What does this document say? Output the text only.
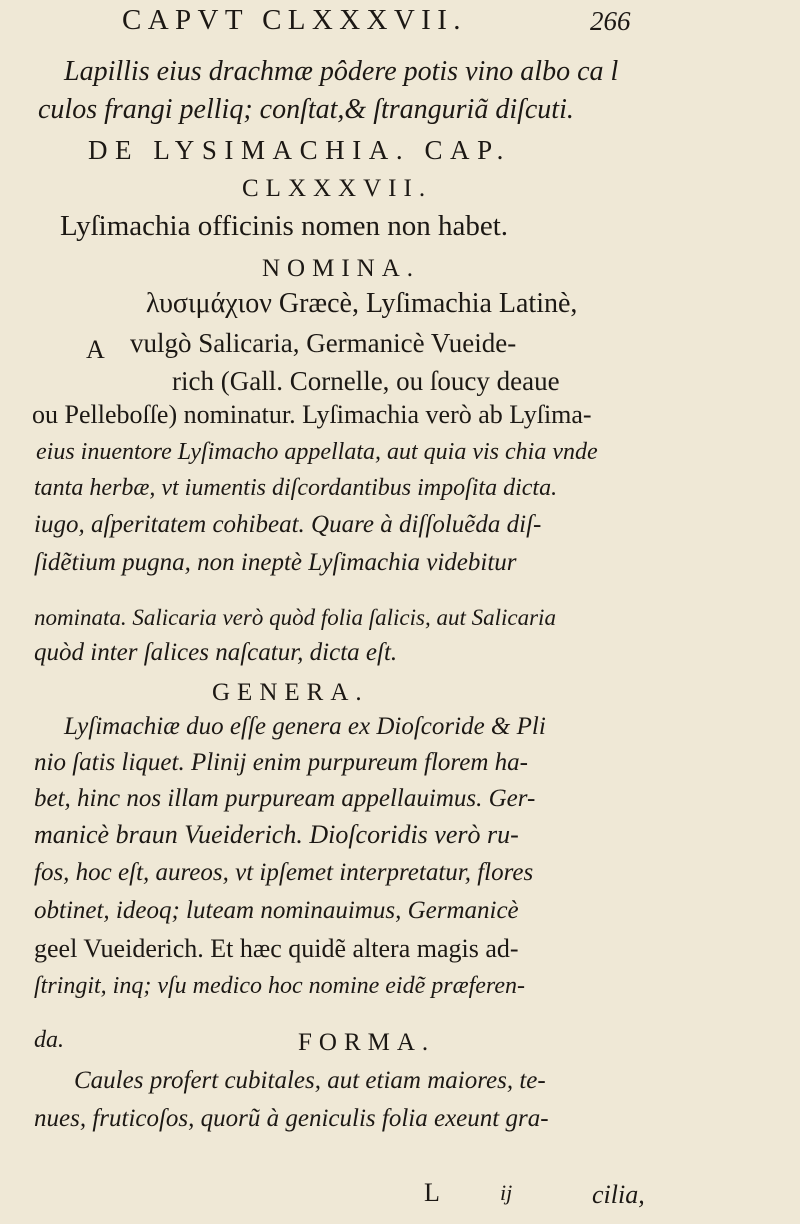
CAPVT CLXXXVII.	266
Lapillis eius drachmæ pôdere potis vino albo ca l
culos frangi pelliq; conſtat,& ſtranguriã diſcuti.
DE LYSIMACHIA. CAP.
CLXXXVII.
Lyſimachia officinis nomen non habet.
NOMINA.
λυσιμάχιον Græcè, Lyſimachia Latinè,
A vulgò Salicaria, Germanicè Vueide-
rich (Gall. Cornelle, ou ſoucy deaue
ou Pelleboſſe) nominatur. Lyſimachia verò ab Lyſima-
eius inuentore Lyſimacho appellata, aut quia vis chia vnde
tanta herbæ, vt iumentis diſcordantibus impoſita dicta.
iugo, aſperitatem cohibeat. Quare à diſſoluẽda diſ-
ſidẽtium pugna, non ineptè Lyſimachia videbitur
nominata. Salicaria verò quòd folia ſalicis, aut Salicaria
quòd inter ſalices naſcatur, dicta eſt.
GENERA.
Lyſimachiæ duo eſſe genera ex Dioſcoride & Pli
nio ſatis liquet. Plinij enim purpureum florem ha-
bet, hinc nos illam purpuream appellauimus. Ger-
manicè braun Vueiderich. Dioſcoridis verò ru-
fos, hoc eſt, aureos, vt ipſemet interpretatur, flores
obtinet, ideoq; luteam nominauimus, Germanicè
geel Vueiderich. Et hæc quidẽ altera magis ad-
ſtringit, inq; vſu medico hoc nomine eidẽ præferen-
da.	FORMA.
Caules profert cubitales, aut etiam maiores, te-
nues, fruticoſos, quorũ à geniculis folia exeunt gra-
L	ij	cilia,
